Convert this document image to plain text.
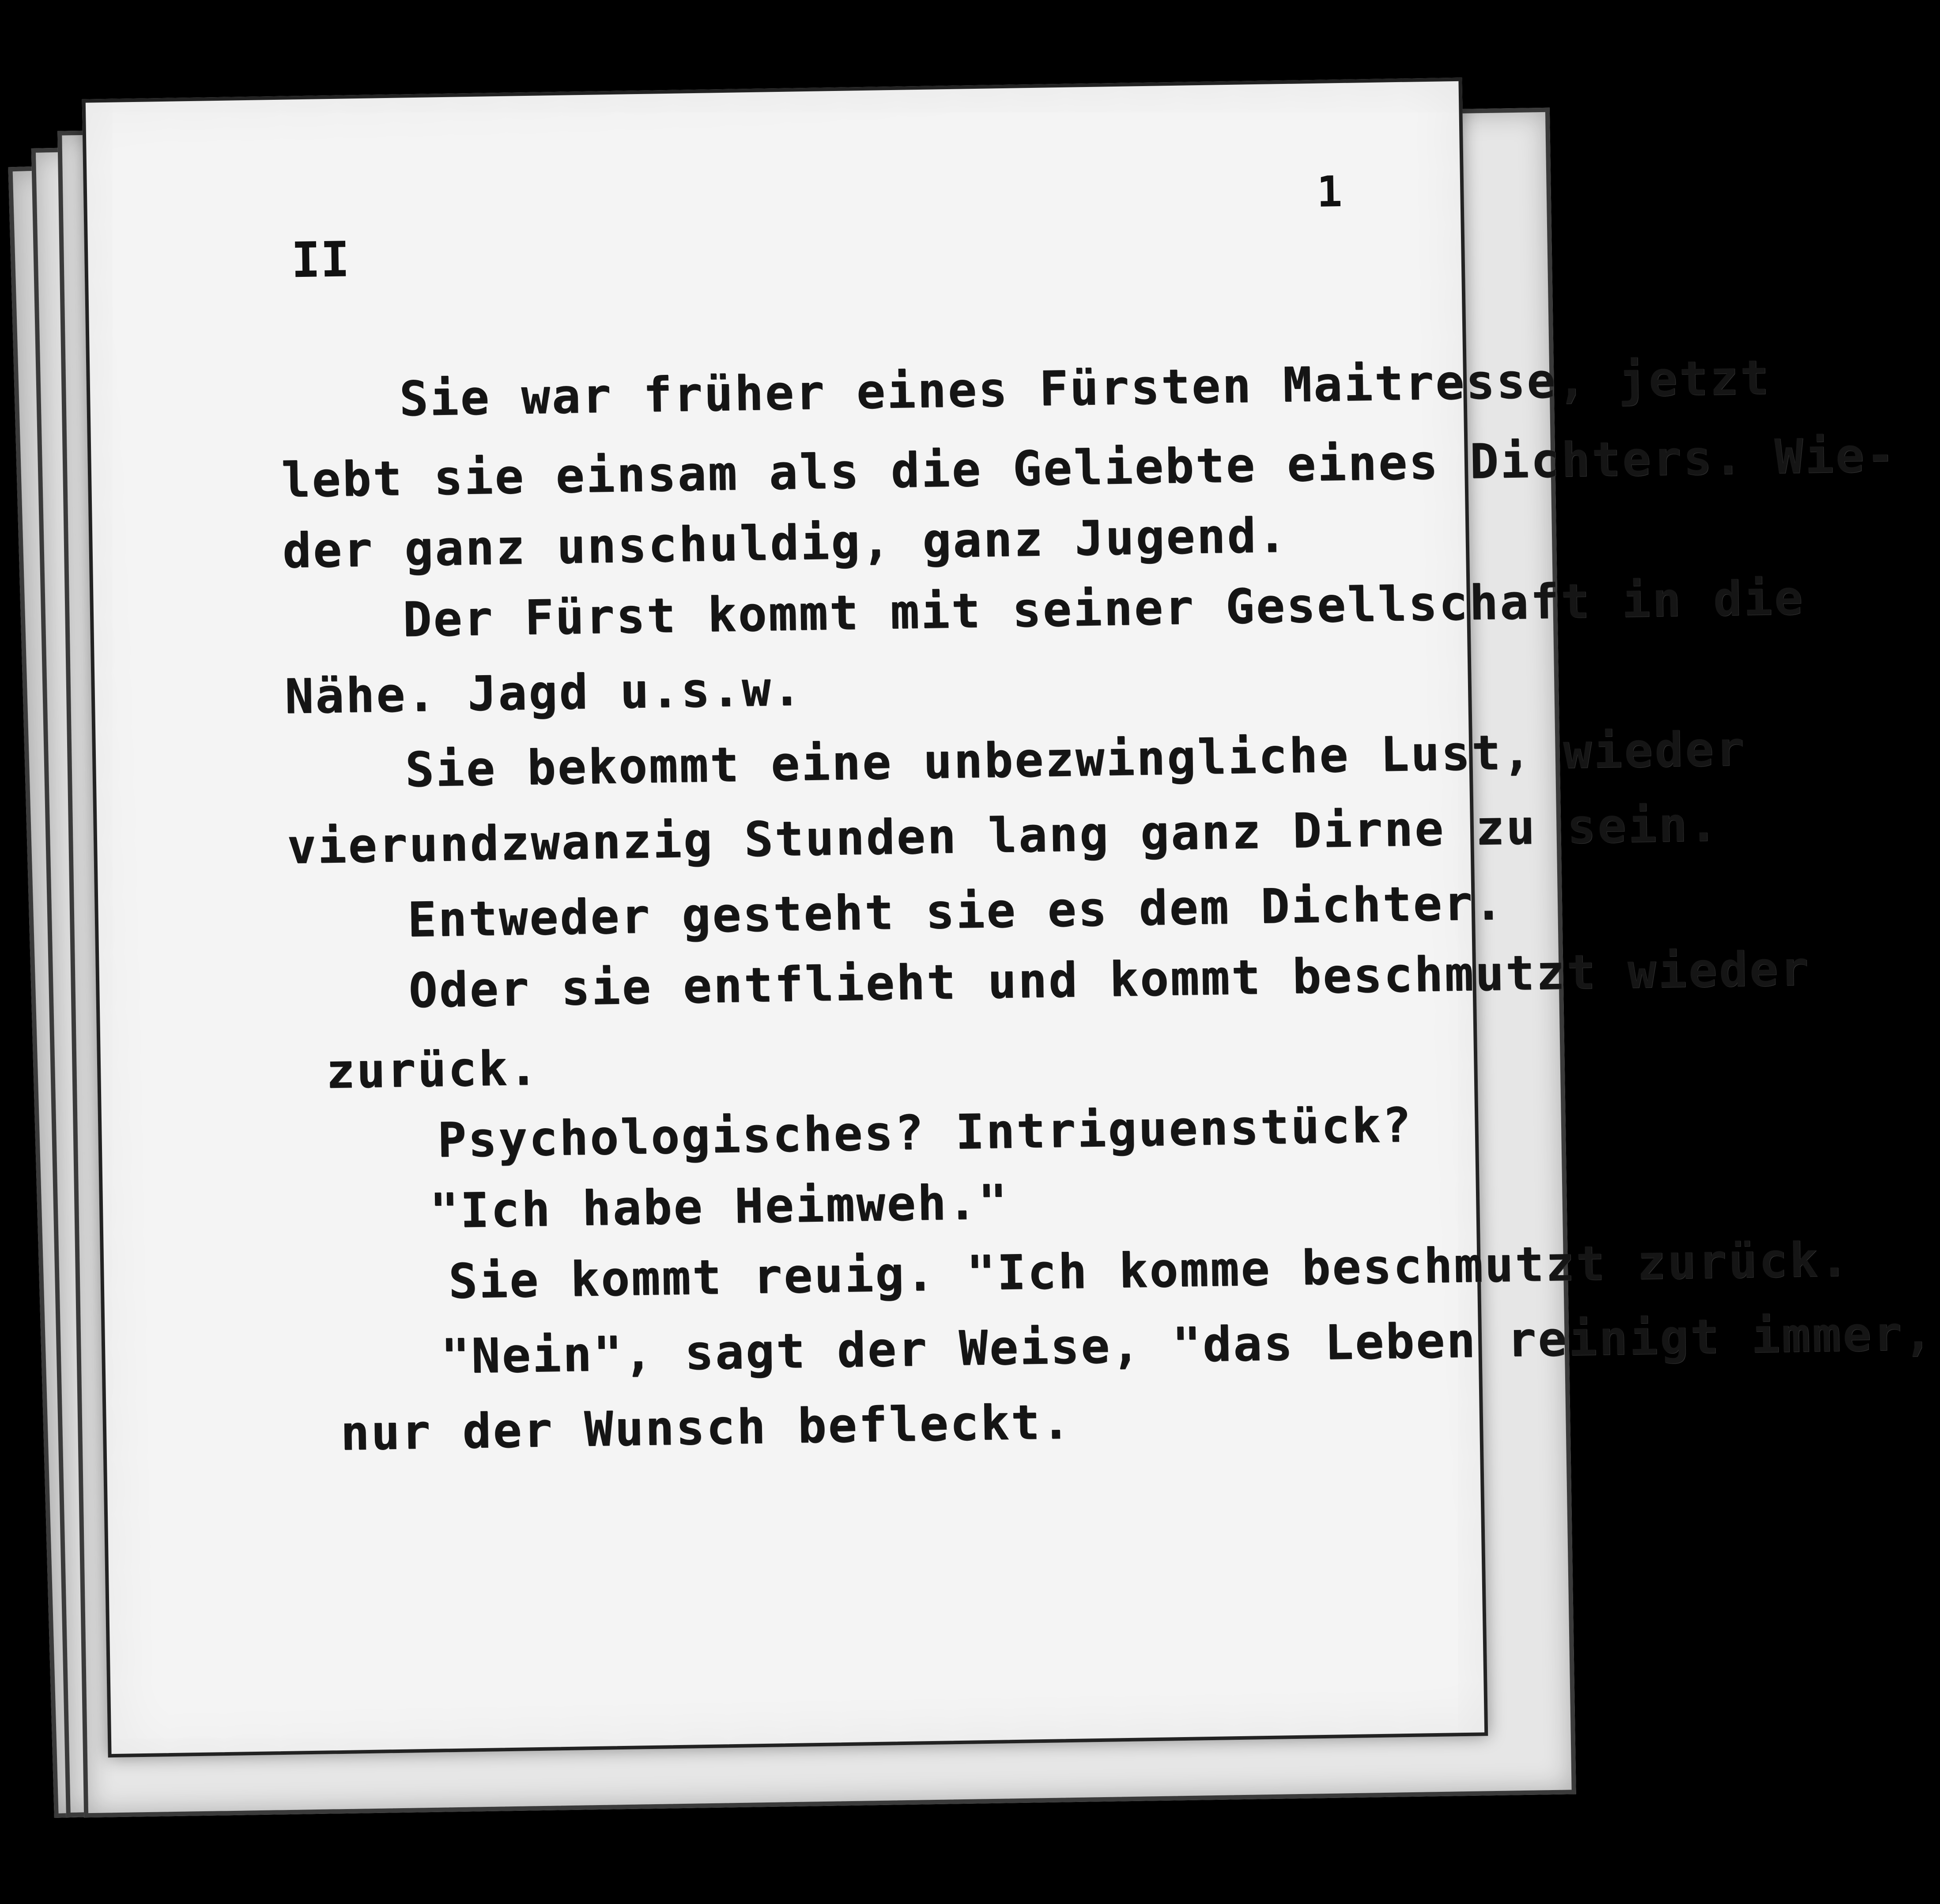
1
II
Sie war früher eines Fürsten Maitresse, jetzt
lebt sie einsam als die Geliebte eines Dichters. Wie-
der ganz unschuldig, ganz Jugend.
Der Fürst kommt mit seiner Gesellschaft in die
Nähe. Jagd u.s.w.
Sie bekommt eine unbezwingliche Lust, wieder
vierundzwanzig Stunden lang ganz Dirne zu sein.
Entweder gesteht sie es dem Dichter.
Oder sie entflieht und kommt beschmutzt wieder
zurück.
Psychologisches? Intriguenstück?
"Ich habe Heimweh."
Sie kommt reuig. "Ich komme beschmutzt zurück.
"Nein", sagt der Weise, "das Leben reinigt immer,
nur der Wunsch befleckt.
